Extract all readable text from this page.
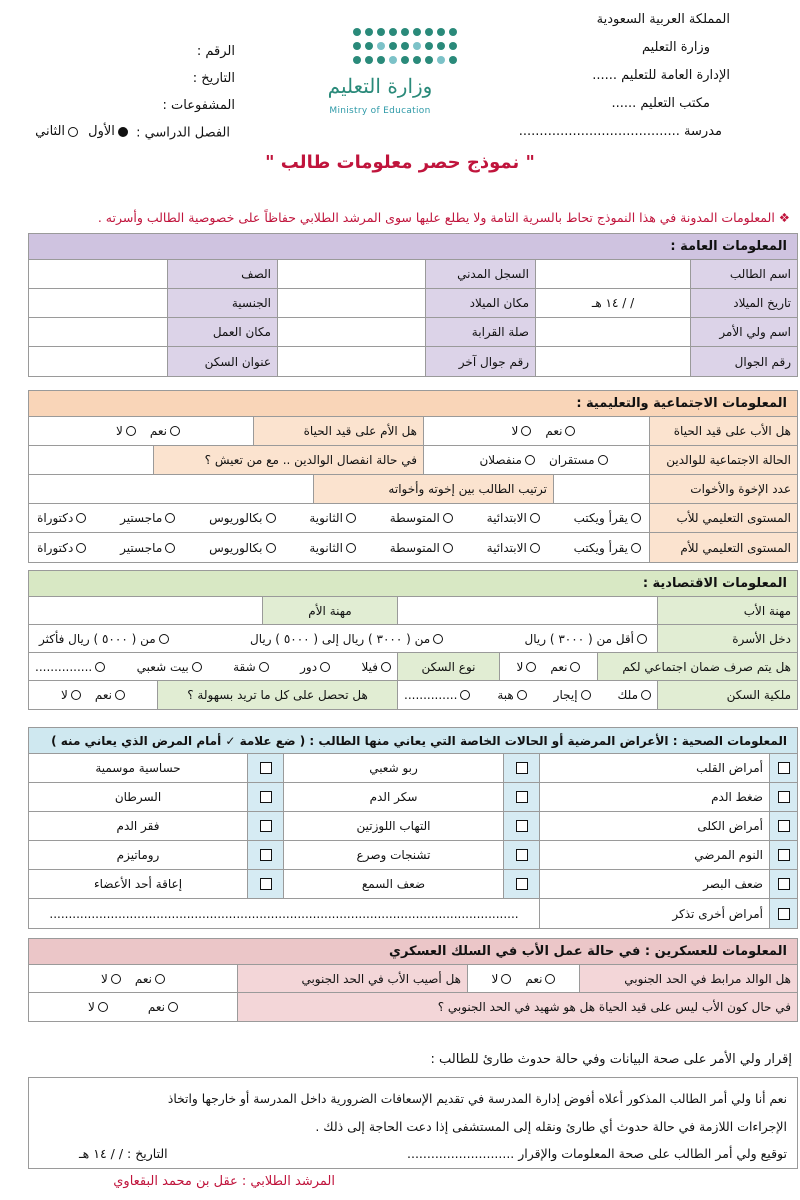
المملكة العربية السعودية
وزارة التعليم
الإدارة العامة للتعليم ......
مكتب التعليم ......
مدرسة .......................................
الرقم :
التاريخ :
المشفوعات :
الفصل الدراسي :
الأول

الثاني
وزارة التعليم
Ministry of Education
" نموذج حصر معلومات طالب "
❖ المعلومات المدونة في هذا النموذج تحاط بالسرية التامة ولا يطلع عليها سوى المرشد الطلابي حفاظاً على خصوصية الطالب وأسرته .
المعلومات العامة :
اسم الطالب
السجل المدني
الصف
تاريخ الميلاد
/ / ١٤ هـ
مكان الميلاد
الجنسية
اسم ولي الأمر
صلة القرابة
مكان العمل
رقم الجوال
رقم جوال آخر
عنوان السكن
المعلومات الاجتماعية والتعليمية :
هل الأب على قيد الحياة
نعم
لا
هل الأم على قيد الحياة
نعم
لا
الحالة الاجتماعية للوالدين
مستقران
منفصلان
في حالة انفصال الوالدين .. مع من تعيش ؟
عدد الإخوة والأخوات
ترتيب الطالب بين إخوته وأخواته
المستوى التعليمي للأب
يقرأ ويكتب
الابتدائية
المتوسطة
الثانوية
بكالوريوس
ماجستير
دكتوراة
المستوى التعليمي للأم
يقرأ ويكتب
الابتدائية
المتوسطة
الثانوية
بكالوريوس
ماجستير
دكتوراة
المعلومات الاقتصادية :
مهنة الأب
مهنة الأم
دخل الأسرة
أقل من ( ٣٠٠٠ ) ريال
من ( ٣٠٠٠ ) ريال إلى ( ٥٠٠٠ ) ريال
من ( ٥٠٠٠ ) ريال فأكثر
هل يتم صرف ضمان اجتماعي لكم
نعم
لا
نوع السكن
فيلا
دور
شقة
بيت شعبي
...............
ملكية السكن
ملك
إيجار
هبة
..............
هل تحصل على كل ما تريد بسهولة ؟
نعم
لا
المعلومات الصحية : الأعراض المرضية أو الحالات الخاصة التي يعاني منها الطالب : ( ضع علامة ✓ أمام المرض الذي يعاني منه )
أمراض القلب
ربو شعبي
حساسية موسمية
ضغط الدم
سكر الدم
السرطان
أمراض الكلى
التهاب اللوزتين
فقر الدم
النوم المرضي
تشنجات وصرع
روماتيزم
ضعف البصر
ضعف السمع
إعاقة أحد الأعضاء
أمراض أخرى تذكر
...........................................................................................................................
المعلومات للعسكرين : في حالة عمل الأب في السلك العسكري
هل الوالد مرابط في الحد الجنوبي
نعم
لا
هل أصيب الأب في الحد الجنوبي
نعم
لا
في حال كون الأب ليس على قيد الحياة هل هو شهيد في الحد الجنوبي ؟
نعم
لا
إقرار ولي الأمر على صحة البيانات وفي حالة حدوث طارئ للطالب :
نعم أنا ولي أمر الطالب المذكور أعلاه أفوض إدارة المدرسة في تقديم الإسعافات الضرورية داخل المدرسة أو خارجها واتخاذ
الإجراءات اللازمة في حالة حدوث أي طارئ ونقله إلى المستشفى إذا دعت الحاجة إلى ذلك .
توقيع ولي أمر الطالب على صحة المعلومات والإقرار ...........................
التاريخ : / / ١٤ هـ
المرشد الطلابي : عقل بن محمد البقعاوي
